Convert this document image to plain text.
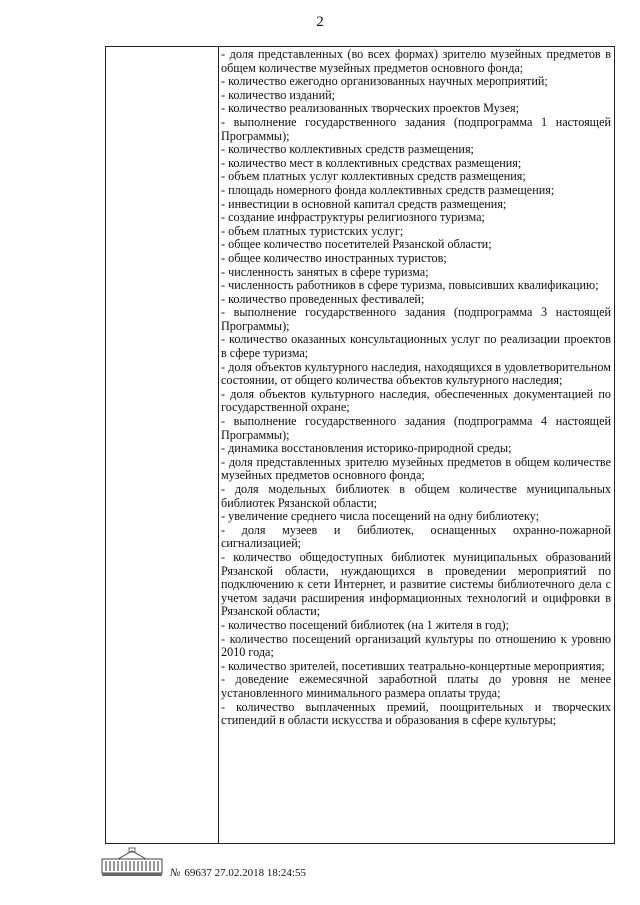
2
- доля представленных (во всех формах) зрителю музейных предметов в общем количестве музейных предметов основного фонда;
- количество ежегодно организованных научных мероприятий;
- количество изданий;
- количество реализованных творческих проектов Музея;
- выполнение государственного задания (подпрограмма 1 настоящей Программы);
- количество коллективных средств размещения;
- количество мест в коллективных средствах размещения;
- объем платных услуг коллективных средств размещения;
- площадь номерного фонда коллективных средств размещения;
- инвестиции в основной капитал средств размещения;
- создание инфраструктуры религиозного туризма;
- объем платных туристских услуг;
- общее количество посетителей Рязанской области;
- общее количество иностранных туристов;
- численность занятых в сфере туризма;
- численность работников в сфере туризма, повысивших квалификацию;
- количество проведенных фестивалей;
- выполнение государственного задания (подпрограмма 3 настоящей Программы);
- количество оказанных консультационных услуг по реализации проектов в сфере туризма;
- доля объектов культурного наследия, находящихся в удовлетворительном состоянии, от общего количества объектов культурного наследия;
- доля объектов культурного наследия, обеспеченных документацией по государственной охране;
- выполнение государственного задания (подпрограмма 4 настоящей Программы);
- динамика восстановления историко-природной среды;
- доля представленных зрителю музейных предметов в общем количестве музейных предметов основного фонда;
- доля модельных библиотек в общем количестве муниципальных библиотек Рязанской области;
- увеличение среднего числа посещений на одну библиотеку;
- доля музеев и библиотек, оснащенных охранно-пожарной сигнализацией;
- количество общедоступных библиотек муниципальных образований Рязанской области, нуждающихся в проведении мероприятий по подключению к сети Интернет, и развитие системы библиотечного дела с учетом задачи расширения информационных технологий и оцифровки в Рязанской области;
- количество посещений библиотек (на 1 жителя в год);
- количество посещений организаций культуры по отношению к уровню 2010 года;
- количество зрителей, посетивших театрально-концертные мероприятия;
- доведение ежемесячной заработной платы до уровня не менее установленного минимального размера оплаты труда;
- количество выплаченных премий, поощрительных и творческих стипендий в области искусства и образования в сфере культуры;
№ 69637 27.02.2018 18:24:55
